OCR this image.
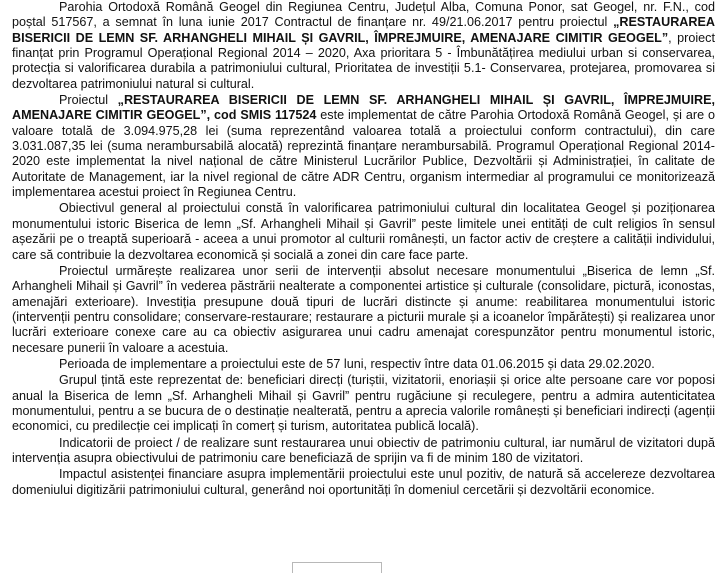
Parohia Ortodoxă Română Geogel din Regiunea Centru, Județul Alba, Comuna Ponor, sat Geogel, nr. F.N., cod poștal 517567, a semnat în luna iunie 2017 Contractul de finanțare nr. 49/21.06.2017 pentru proiectul „RESTAURAREA BISERICII DE LEMN SF. ARHANGHELI MIHAIL ȘI GAVRIL, ÎMPREJMUIRE, AMENAJARE CIMITIR GEOGEL”, proiect finanțat prin Programul Operațional Regional 2014 – 2020, Axa prioritara 5 - Îmbunătățirea mediului urban si conservarea, protecția si valorificarea durabila a patrimoniului cultural, Prioritatea de investiții 5.1- Conservarea, protejarea, promovarea si dezvoltarea patrimoniului natural si cultural.

Proiectul „RESTAURAREA BISERICII DE LEMN SF. ARHANGHELI MIHAIL ȘI GAVRIL, ÎMPREJMUIRE, AMENAJARE CIMITIR GEOGEL”, cod SMIS 117524 este implementat de către Parohia Ortodoxă Română Geogel, și are o valoare totală de 3.094.975,28 lei (suma reprezentând valoarea totală a proiectului conform contractului), din care 3.031.087,35 lei (suma nerambursabilă alocată) reprezintă finanțare nerambursabilă. Programul Operațional Regional 2014-2020 este implementat la nivel național de către Ministerul Lucrărilor Publice, Dezvoltării și Administrației, în calitate de Autoritate de Management, iar la nivel regional de către ADR Centru, organism intermediar al programului ce monitorizează implementarea acestui proiect în Regiunea Centru.

Obiectivul general al proiectului constă în valorificarea patrimoniului cultural din localitatea Geogel și poziționarea monumentului istoric Biserica de lemn „Sf. Arhangheli Mihail și Gavril” peste limitele unei entități de cult religios în sensul așezării pe o treaptă superioară - aceea a unui promotor al culturii românești, un factor activ de creștere a calității individului, care să contribuie la dezvoltarea economică și socială a zonei din care face parte.

Proiectul urmărește realizarea unor serii de intervenții absolut necesare monumentului „Biserica de lemn „Sf. Arhangheli Mihail și Gavril” în vederea păstrării nealterate a componentei artistice și culturale (consolidare, pictură, iconostas, amenajări exterioare). Investiția presupune două tipuri de lucrări distincte și anume: reabilitarea monumentului istoric (intervenții pentru consolidare; conservare-restaurare; restaurare a picturii murale și a icoanelor împărătești) și realizarea unor lucrări exterioare conexe care au ca obiectiv asigurarea unui cadru amenajat corespunzător pentru monumentul istoric, necesare punerii în valoare a acestuia.

Perioada de implementare a proiectului este de 57 luni, respectiv între data 01.06.2015 și data 29.02.2020.

Grupul țintă este reprezentat de: beneficiari direcți (turiștii, vizitatorii, enoriașii și orice alte persoane care vor poposi anual la Biserica de lemn „Sf. Arhangheli Mihail și Gavril” pentru rugăciune și reculegere, pentru a admira autenticitatea monumentului, pentru a se bucura de o destinație nealterată, pentru a aprecia valorile românești și beneficiari indirecți (agenții economici, cu predilecție cei implicați în comerț și turism, autoritatea publică locală).

Indicatorii de proiect / de realizare sunt restaurarea unui obiectiv de patrimoniu cultural, iar numărul de vizitatori după intervenția asupra obiectivului de patrimoniu care beneficiază de sprijin va fi de minim 180 de vizitatori.

Impactul asistenței financiare asupra implementării proiectului este unul pozitiv, de natură să accelereze dezvoltarea domeniului digitizării patrimoniului cultural, generând noi oportunități în domeniul cercetării și dezvoltării economice.
